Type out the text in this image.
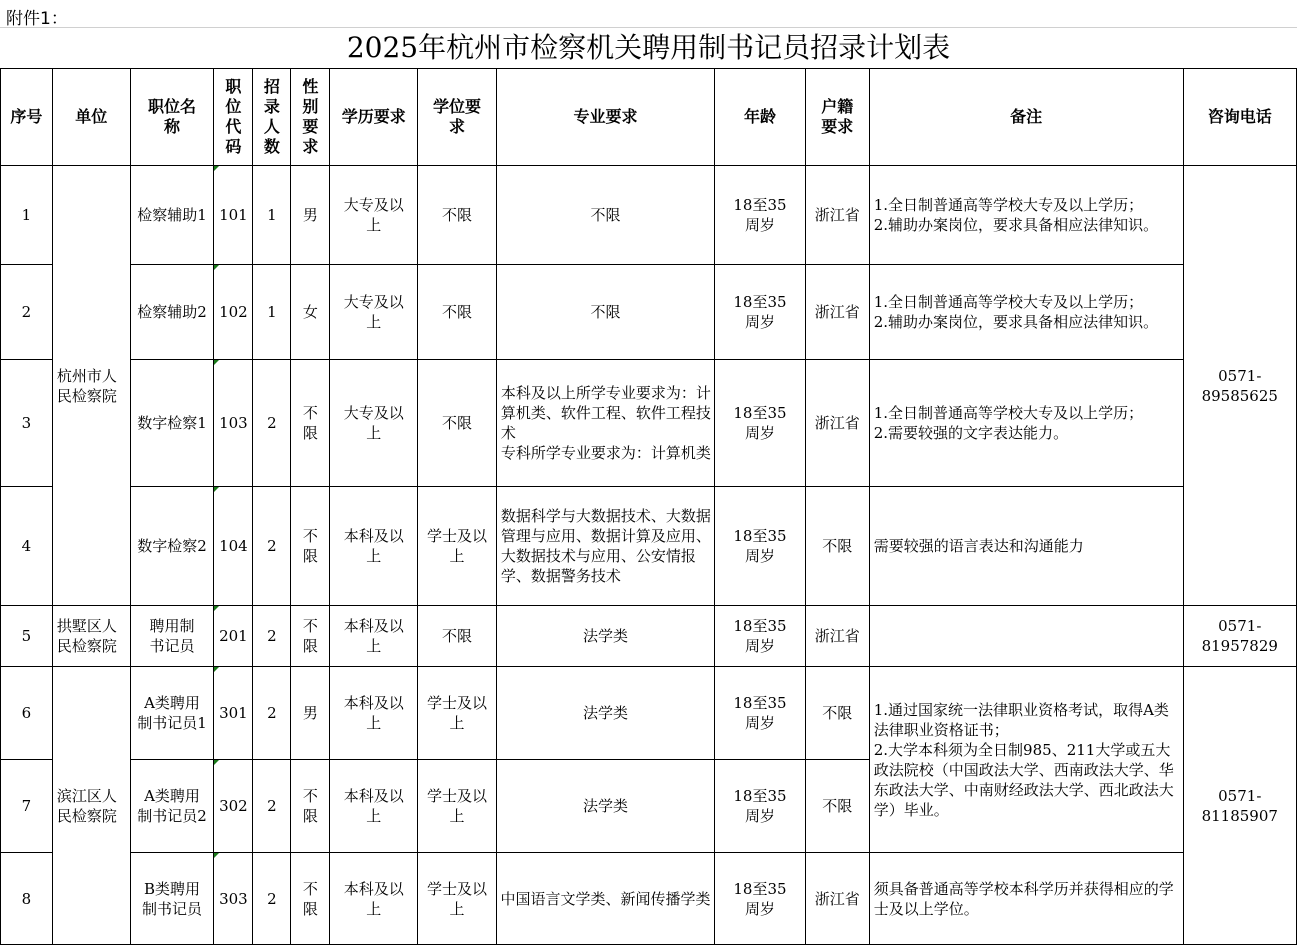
附件1：
2025年杭州市检察机关聘用制书记员招录计划表
序号	单位	职位名称	职位代码	招录人数	性别要求	学历要求	学位要求	专业要求	年龄	户籍要求	备注	咨询电话
1	杭州市人民检察院	检察辅助1	101	1	男	大专及以上	不限	不限	18至35周岁	浙江省	1.全日制普通高等学校大专及以上学历；
2.辅助办案岗位，要求具备相应法律知识。	0571-89585625
2		检察辅助2	102	1	女	大专及以上	不限	不限	18至35周岁	浙江省	1.全日制普通高等学校大专及以上学历；
2.辅助办案岗位，要求具备相应法律知识。	
3		数字检察1	103	2	不限	大专及以上	不限	本科及以上所学专业要求为：计算机类、软件工程、软件工程技术
专科所学专业要求为：计算机类	18至35周岁	浙江省	1.全日制普通高等学校大专及以上学历；
2.需要较强的文字表达能力。	
4		数字检察2	104	2	不限	本科及以上	学士及以上	数据科学与大数据技术、大数据管理与应用、数据计算及应用、大数据技术与应用、公安情报学、数据警务技术	18至35周岁	不限	需要较强的语言表达和沟通能力	
5	拱墅区人民检察院	聘用制书记员	201	2	不限	本科及以上	不限	法学类	18至35周岁	浙江省		0571-81957829
6	滨江区人民检察院	A类聘用制书记员1	301	2	男	本科及以上	学士及以上	法学类	18至35周岁	不限	1.通过国家统一法律职业资格考试，取得A类法律职业资格证书；
2.大学本科须为全日制985、211大学或五大政法院校（中国政法大学、西南政法大学、华东政法大学、中南财经政法大学、西北政法大学）毕业。	0571-81185907
7		A类聘用制书记员2	302	2	不限	本科及以上	学士及以上	法学类	18至35周岁	不限		
8		B类聘用制书记员	303	2	不限	本科及以上	学士及以上	中国语言文学类、新闻传播学类	18至35周岁	浙江省	须具备普通高等学校本科学历并获得相应的学士及以上学位。	
